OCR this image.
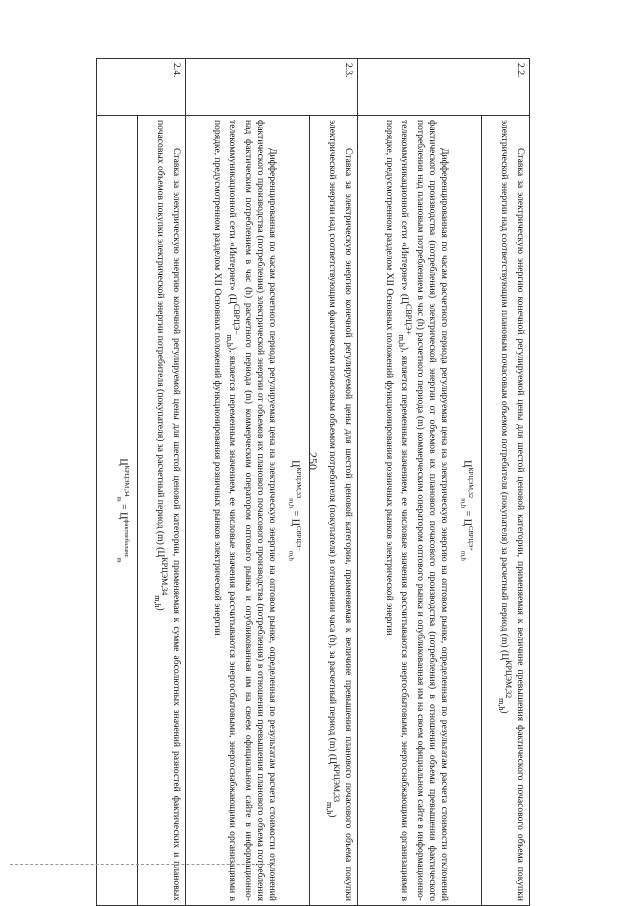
250
2.2.	Ставка за электрическую энергию конечной регулируемой цены для шестой ценовой категории, применяемая к величине превышения фактического почасового объема покупки электрической энергии над соответствующим плановым почасовым объемом потребителя (покупателя) за расчетный период (m) $(Ц^{КРЦЭМ,32}_{m,h})$

	$Ц^{КРЦЭМ,32}_{m,h} = Ц^{СВРЦЭ+}_{m,h}$

Дифференцированная по часам расчетного периода регулируемая цена на электрическую энергию на оптовом рынке, определенная по результатам расчета стоимости отклонений фактического производства (потребления) электрической энергии от объемов их планового почасового производства (потребления) в отношении объема превышения фактического потребления над плановым потреблением в час (h) расчетного периода (m) коммерческим оператором оптового рынка и опубликованная им на своем официальном сайте в информационно-телекоммуникационной сети «Интернет» $(Ц^{СВРЦЭ+}_{m,h})$, является переменным значением, ее числовые значения рассчитываются энергосбытовыми, энергоснабжающими организациями в порядке, предусмотренном разделом XII Основных положений функционирования розничных рынков электрической энергии

2.3.	Ставка за электрическую энергию конечной регулируемой цены для шестой ценовой категории, применяемая к величине превышения планового почасового объема покупки электрической энергии над соответствующим фактическим почасовым объемом потребителя (покупателя) в отношении часа (h), за расчетный период (m) $(Ц^{КРЦЭМ,33}_{m,h})$

	$Ц^{КРЦЭМ,33}_{m,h} = Ц^{СВРЦЭ-}_{m,h}$

Дифференцированная по часам расчетного периода регулируемая цена на электрическую энергию на оптовом рынке, определенная по результатам расчета стоимости отклонений фактического производства (потребления) электрической энергии от объемов их планового почасового производства (потребления) в отношении превышения планового объема потребления над фактическим потреблением в час (h) расчетного периода (m) коммерческим оператором оптового рынка и опубликованная им на своем официальном сайте в информационно-телекоммуникационной сети «Интернет» $(Ц^{СВРЦЭ-}_{m,h})$, является переменным значением, ее числовые значения рассчитываются энергосбытовыми, энергоснабжающими организациями в порядке, предусмотренном разделом XII Основных положений функционирования розничных рынков электрической энергии

2.4.	Ставка за электрическую энергию конечной регулируемой цены для шестой ценовой категории, применяемая к сумме абсолютных значений разностей фактических и плановых почасовых объемов покупки электрической энергии потребителя (покупателя) за расчетный период (m) $(Ц^{КРЦЭМ,34}_{m,h})$

	$Ц^{КРЦЭМ,34}_m = Ц^{фактнебаланс}_m$
